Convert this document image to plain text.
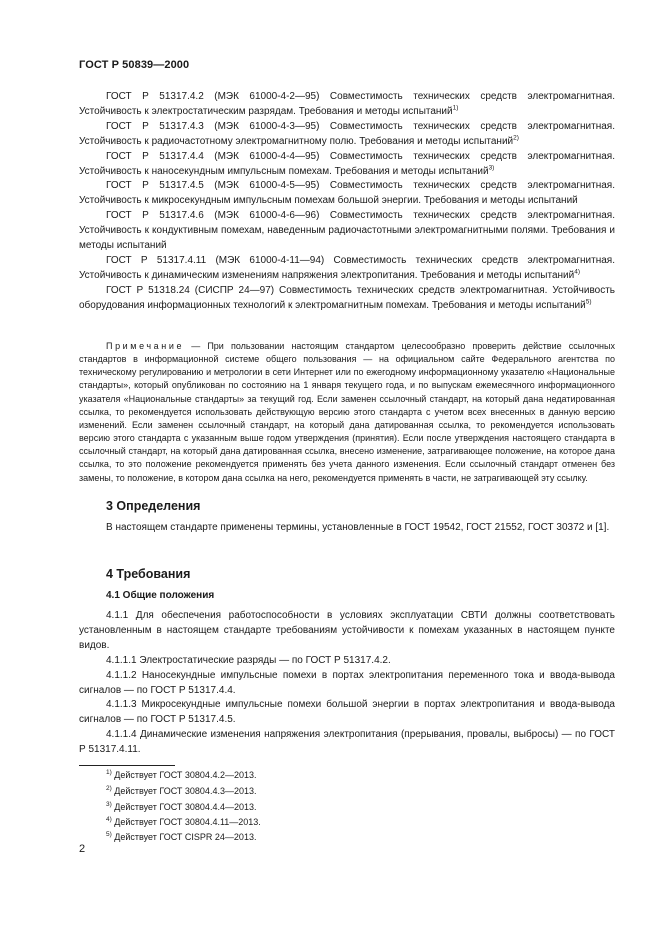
ГОСТ Р 50839—2000

ГОСТ Р 51317.4.2 (МЭК 61000-4-2—95) Совместимость технических средств электромагнитная. Устойчивость к электростатическим разрядам. Требования и методы испытаний$^{1)}$

ГОСТ Р 51317.4.3 (МЭК 61000-4-3—95) Совместимость технических средств электромагнитная. Устойчивость к радиочастотному электромагнитному полю. Требования и методы испытаний$^{2)}$

ГОСТ Р 51317.4.4 (МЭК 61000-4-4—95) Совместимость технических средств электромагнитная. Устойчивость к наносекундным импульсным помехам. Требования и методы испытаний$^{3)}$

ГОСТ Р 51317.4.5 (МЭК 61000-4-5—95) Совместимость технических средств электромагнитная. Устойчивость к микросекундным импульсным помехам большой энергии. Требования и методы испытаний

ГОСТ Р 51317.4.6 (МЭК 61000-4-6—96) Совместимость технических средств электромагнитная. Устойчивость к кондуктивным помехам, наведенным радиочастотными электромагнитными полями. Требования и методы испытаний

ГОСТ Р 51317.4.11 (МЭК 61000-4-11—94) Совместимость технических средств электромагнитная. Устойчивость к динамическим изменениям напряжения электропитания. Требования и методы испытаний$^{4)}$

ГОСТ Р 51318.24 (СИСПР 24—97) Совместимость технических средств электромагнитная. Устойчивость оборудования информационных технологий к электромагнитным помехам. Требования и методы испытаний$^{5)}$

Примечание — При пользовании настоящим стандартом целесообразно проверить действие ссылочных стандартов в информационной системе общего пользования — на официальном сайте Федерального агентства по техническому регулированию и метрологии в сети Интернет или по ежегодному информационному указателю «Национальные стандарты», который опубликован по состоянию на 1 января текущего года, и по выпускам ежемесячного информационного указателя «Национальные стандарты» за текущий год. Если заменен ссылочный стандарт, на который дана недатированная ссылка, то рекомендуется использовать действующую версию этого стандарта с учетом всех внесенных в данную версию изменений. Если заменен ссылочный стандарт, на который дана датированная ссылка, то рекомендуется использовать версию этого стандарта с указанным выше годом утверждения (принятия). Если после утверждения настоящего стандарта в ссылочный стандарт, на который дана датированная ссылка, внесено изменение, затрагивающее положение, на которое дана ссылка, то это положение рекомендуется применять без учета данного изменения. Если ссылочный стандарт отменен без замены, то положение, в котором дана ссылка на него, рекомендуется применять в части, не затрагивающей эту ссылку.

3 Определения

В настоящем стандарте применены термины, установленные в ГОСТ 19542, ГОСТ 21552, ГОСТ 30372 и [1].

4 Требования
4.1 Общие положения

4.1.1 Для обеспечения работоспособности в условиях эксплуатации СВТИ должны соответствовать установленным в настоящем стандарте требованиям устойчивости к помехам указанных в настоящем пункте видов.

4.1.1.1 Электростатические разряды — по ГОСТ Р 51317.4.2.

4.1.1.2 Наносекундные импульсные помехи в портах электропитания переменного тока и ввода-вывода сигналов — по ГОСТ Р 51317.4.4.

4.1.1.3 Микросекундные импульсные помехи большой энергии в портах электропитания и ввода-вывода сигналов — по ГОСТ Р 51317.4.5.

4.1.1.4 Динамические изменения напряжения электропитания (прерывания, провалы, выбросы) — по ГОСТ Р 51317.4.11.

$^{1)}$ Действует ГОСТ 30804.4.2—2013.
$^{2)}$ Действует ГОСТ 30804.4.3—2013.
$^{3)}$ Действует ГОСТ 30804.4.4—2013.
$^{4)}$ Действует ГОСТ 30804.4.11—2013.
$^{5)}$ Действует ГОСТ CISPR 24—2013.
2
